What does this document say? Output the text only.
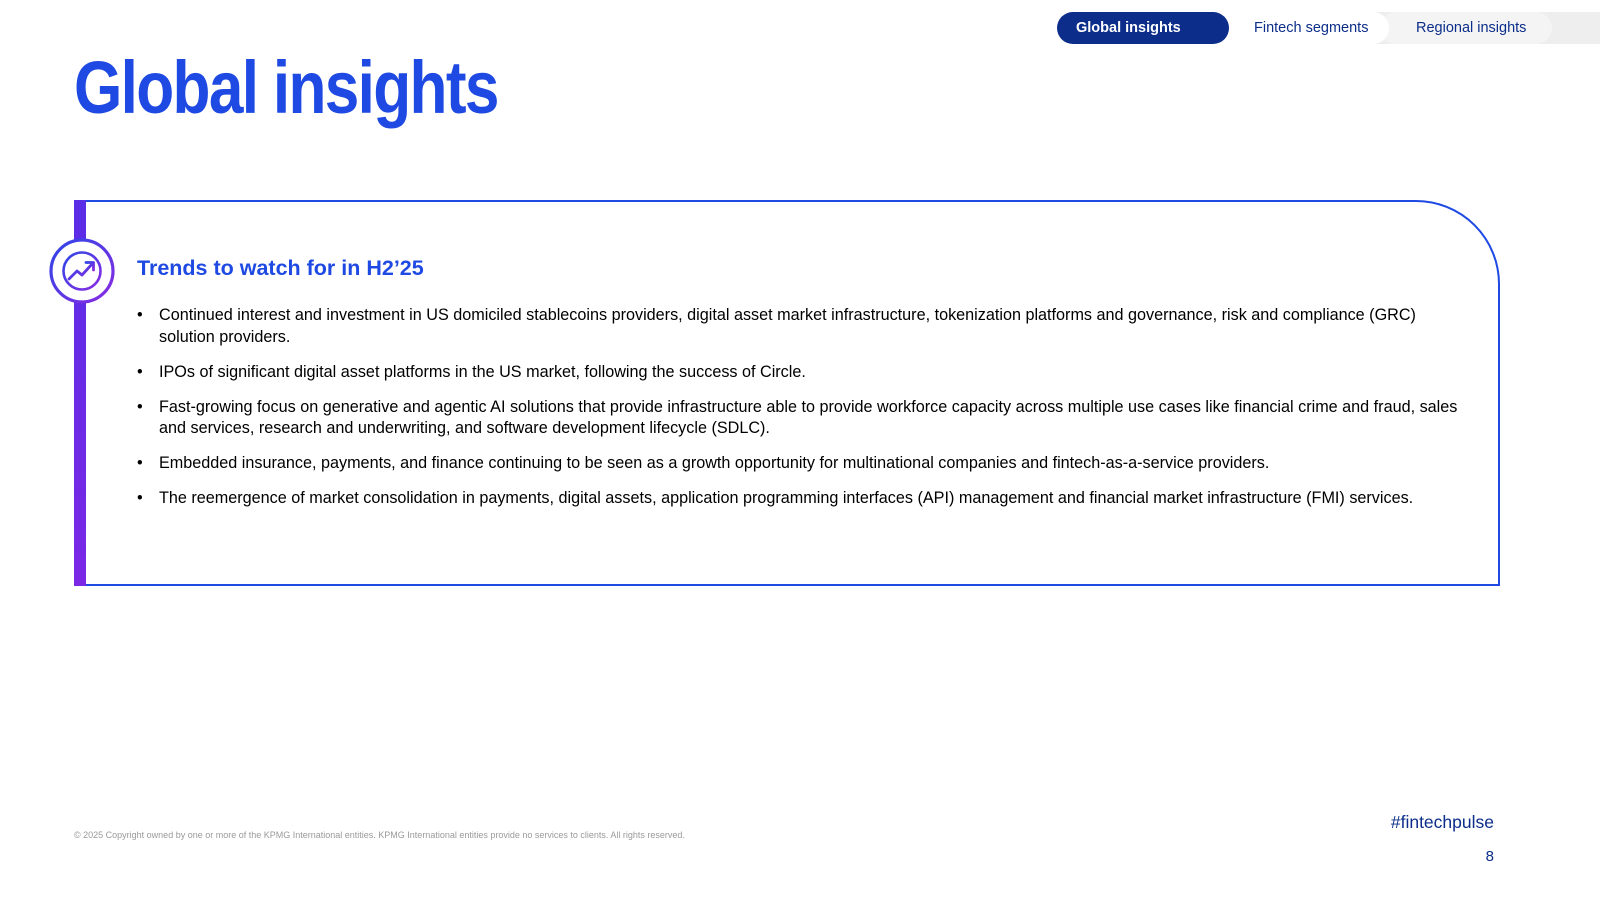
Regional insights
Fintech segments
Global insights
Global insights
Trends to watch for in H2’25
• Continued interest and investment in US domiciled stablecoins providers, digital asset market infrastructure, tokenization platforms and governance, risk and compliance (GRC) solution providers.
• IPOs of significant digital asset platforms in the US market, following the success of Circle.
• Fast-growing focus on generative and agentic AI solutions that provide infrastructure able to provide workforce capacity across multiple use cases like financial crime and fraud, sales and services, research and underwriting, and software development lifecycle (SDLC).
• Embedded insurance, payments, and finance continuing to be seen as a growth opportunity for multinational companies and fintech-as-a-service providers.
• The reemergence of market consolidation in payments, digital assets, application programming interfaces (API) management and financial market infrastructure (FMI) services.
© 2025 Copyright owned by one or more of the KPMG International entities. KPMG International entities provide no services to clients. All rights reserved.
#fintechpulse
8
